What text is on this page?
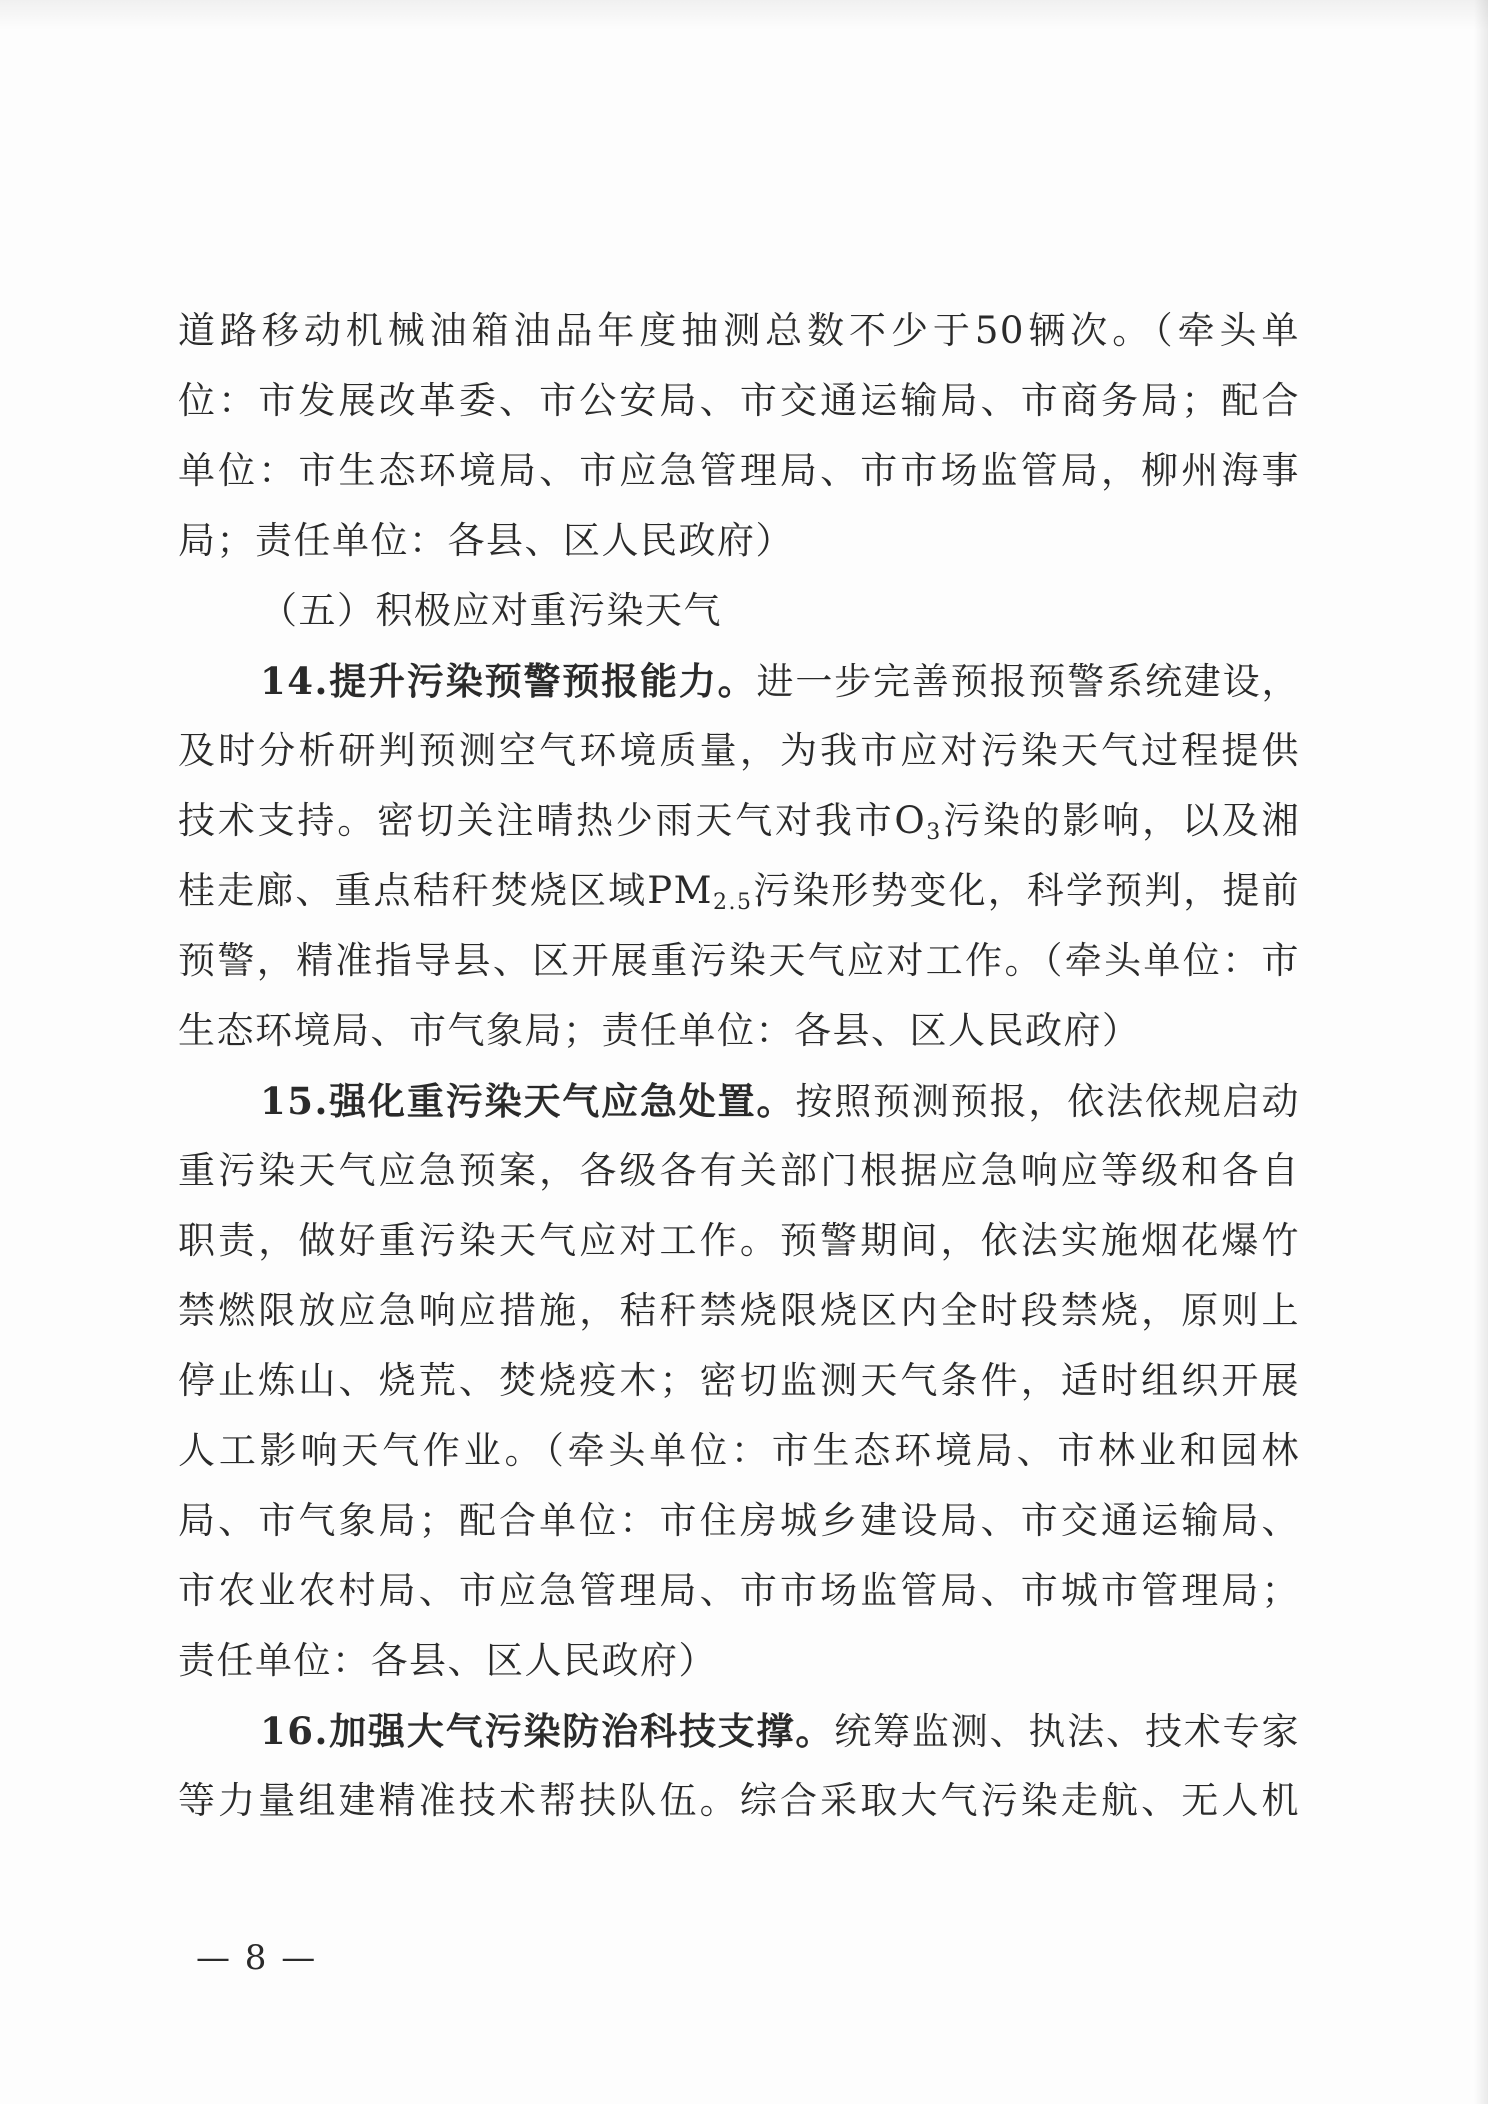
道路移动机械油箱油品年度抽测总数不少于50辆次。（牵头单
位：市发展改革委、市公安局、市交通运输局、市商务局；配合
单位：市生态环境局、市应急管理局、市市场监管局，柳州海事
局；责任单位：各县、区人民政府）
（五）积极应对重污染天气
14.提升污染预警预报能力。进一步完善预报预警系统建设，
及时分析研判预测空气环境质量，为我市应对污染天气过程提供
技术支持。密切关注晴热少雨天气对我市$O_3$污染的影响，以及湘
桂走廊、重点秸秆焚烧区域$PM_{2.5}$污染形势变化，科学预判，提前
预警，精准指导县、区开展重污染天气应对工作。（牵头单位：市
生态环境局、市气象局；责任单位：各县、区人民政府）
15.强化重污染天气应急处置。按照预测预报，依法依规启动
重污染天气应急预案，各级各有关部门根据应急响应等级和各自
职责，做好重污染天气应对工作。预警期间，依法实施烟花爆竹
禁燃限放应急响应措施，秸秆禁烧限烧区内全时段禁烧，原则上
停止炼山、烧荒、焚烧疫木；密切监测天气条件，适时组织开展
人工影响天气作业。（牵头单位：市生态环境局、市林业和园林
局、市气象局；配合单位：市住房城乡建设局、市交通运输局、
市农业农村局、市应急管理局、市市场监管局、市城市管理局；
责任单位：各县、区人民政府）
16.加强大气污染防治科技支撑。统筹监测、执法、技术专家
等力量组建精准技术帮扶队伍。综合采取大气污染走航、无人机
— 8 —
